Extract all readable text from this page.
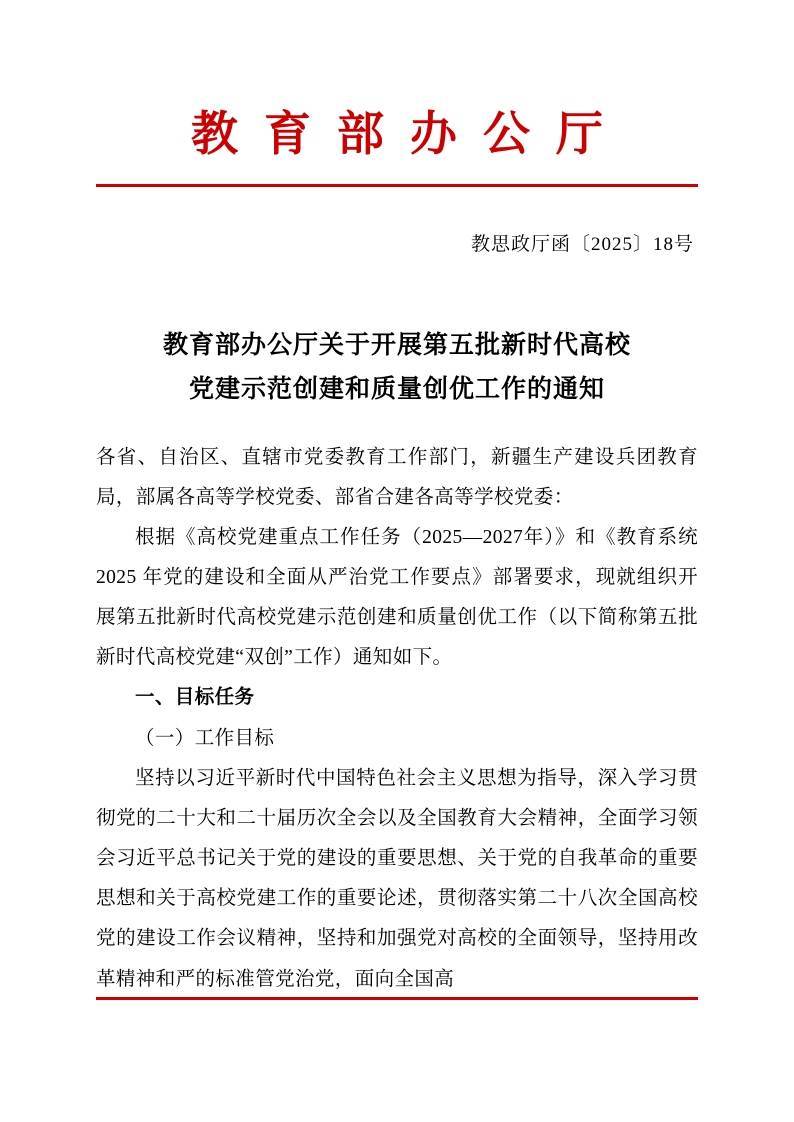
教育部办公厅
教思政厅函〔2025〕18号
教育部办公厅关于开展第五批新时代高校
党建示范创建和质量创优工作的通知

各省、自治区、直辖市党委教育工作部门，新疆生产建设兵团教育局，部属各高等学校党委、部省合建各高等学校党委：

根据《高校党建重点工作任务（2025—2027年）》和《教育系统 2025 年党的建设和全面从严治党工作要点》部署要求，现就组织开展第五批新时代高校党建示范创建和质量创优工作（以下简称第五批新时代高校党建“双创”工作）通知如下。

一、目标任务

（一）工作目标

坚持以习近平新时代中国特色社会主义思想为指导，深入学习贯彻党的二十大和二十届历次全会以及全国教育大会精神，全面学习领会习近平总书记关于党的建设的重要思想、关于党的自我革命的重要思想和关于高校党建工作的重要论述，贯彻落实第二十八次全国高校党的建设工作会议精神，坚持和加强党对高校的全面领导，坚持用改革精神和严的标准管党治党，面向全国高
